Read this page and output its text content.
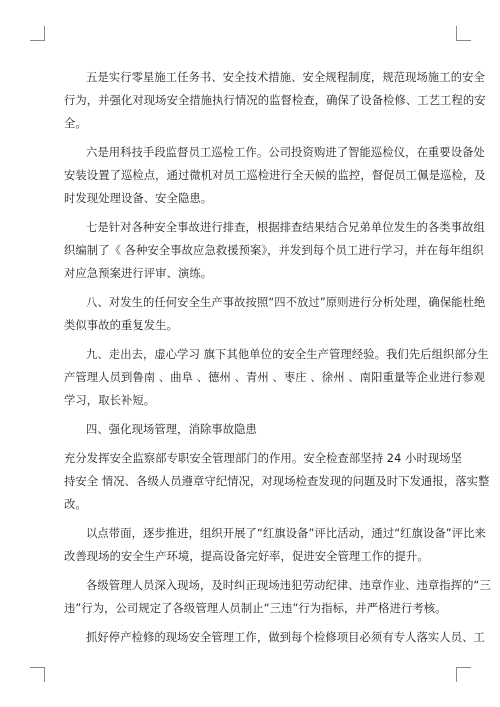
五是实行零星施工任务书、安全技术措施、安全规程制度，规范现场施工的安全
行为，并强化对现场安全措施执行情况的监督检查，确保了设备检修、工艺工程的安
全。
六是用科技手段监督员工巡检工作。公司投资购进了智能巡检仪，在重要设备处
安装设置了巡检点，通过微机对员工巡检进行全天候的监控，督促员工佩是巡检，及
时发现处理设备、安全隐患。
七是针对各种安全事故进行排查，根据排查结果结合兄弟单位发生的各类事故组
织编制了《 各种安全事故应急救援预案》，并发到每个员工进行学习，并在每年组织
对应急预案进行评审、演练。
八、对发生的任何安全生产事故按照“四不放过”原则进行分析处理，确保能杜绝
类似事故的重复发生。
九、走出去，虚心学习 旗下其他单位的安全生产管理经验。我们先后组织部分生
产管理人员到鲁南 、曲阜 、德州 、青州 、枣庄 、徐州 、南阳重量等企业进行参观
学习，取长补短。
四、强化现场管理，消除事故隐患
充分发挥安全监察部专职安全管理部门的作用。安全检查部坚持 24 小时现场坚
持安全 情况、各级人员遵章守纪情况，对现场检查发现的问题及时下发通报，落实整
改。
以点带面，逐步推进，组织开展了“红旗设备”评比活动，通过“红旗设备”评比来
改善现场的安全生产环境，提高设备完好率，促进安全管理工作的提升。
各级管理人员深入现场，及时纠正现场违犯劳动纪律、违章作业、违章指挥的“三
违”行为，公司规定了各级管理人员制止“三违”行为指标，并严格进行考核。
抓好停产检修的现场安全管理工作，做到每个检修项目必须有专人落实人员、工
